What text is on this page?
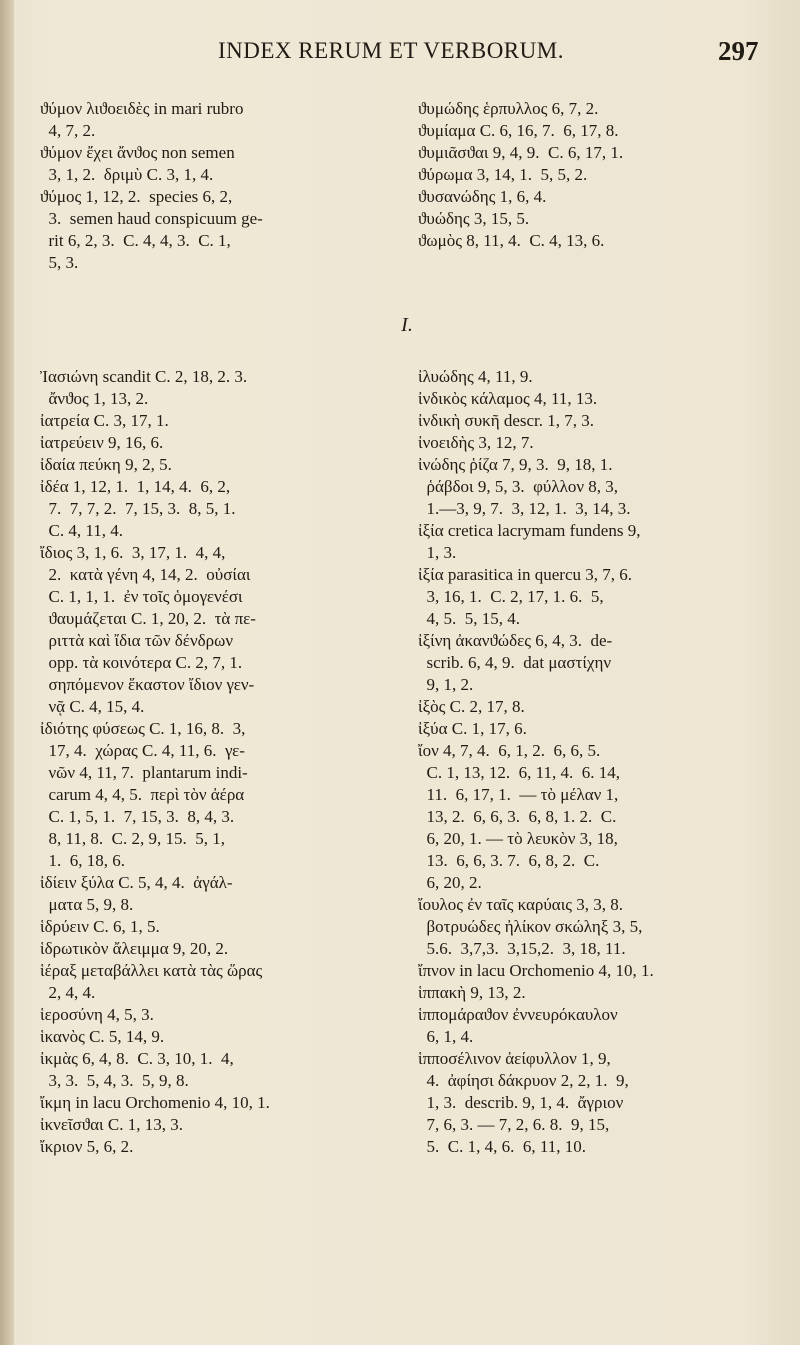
INDEX RERUM ET VERBORUM.	297
ϑύμον λιϑοειδὲς in mari rubro
4, 7, 2.
ϑύμον ἔχει ἄνϑος non semen
3, 1, 2.  δριμὺ C. 3, 1, 4.
ϑύμος 1, 12, 2.  species 6, 2,
3.  semen haud conspicuum ge-
rit 6, 2, 3.  C. 4, 4, 3.  C. 1,
5, 3.
ϑυμώδης ἑρπυλλος 6, 7, 2.
ϑυμίαμα C. 6, 16, 7.  6, 17, 8.
ϑυμιᾶσϑαι 9, 4, 9.  C. 6, 17, 1.
ϑύρωμα 3, 14, 1.  5, 5, 2.
ϑυσανώδης 1, 6, 4.
ϑυώδης 3, 15, 5.
ϑωμὸς 8, 11, 4.  C. 4, 13, 6.
I.
Ἰασιώνη scandit C. 2, 18, 2. 3.
ἄνϑος 1, 13, 2.
ἰατρεία C. 3, 17, 1.
ἰατρεύειν 9, 16, 6.
ἰδαία πεύκη 9, 2, 5.
ἰδέα 1, 12, 1.  1, 14, 4.  6, 2,
7.  7, 7, 2.  7, 15, 3.  8, 5, 1.
C. 4, 11, 4.
ἴδιος 3, 1, 6.  3, 17, 1.  4, 4,
2.  κατὰ γένη 4, 14, 2.  οὐσίαι
C. 1, 1, 1.  ἐν τοῖς ὁμογενέσι
ϑαυμάζεται C. 1, 20, 2.  τὰ πε-
ριττὰ καὶ ἴδια τῶν δένδρων
opp. τὰ κοινότερα C. 2, 7, 1.
σηπόμενον ἕκαστον ἴδιον γεν-
νᾷ C. 4, 15, 4.
ἰδιότης φύσεως C. 1, 16, 8.  3,
17, 4.  χώρας C. 4, 11, 6.  γε-
νῶν 4, 11, 7.  plantarum indi-
carum 4, 4, 5.  περὶ τὸν ἀέρα
C. 1, 5, 1.  7, 15, 3.  8, 4, 3.
8, 11, 8.  C. 2, 9, 15.  5, 1,
1.  6, 18, 6.
ἰδίειν ξύλα C. 5, 4, 4.  ἀγάλ-
ματα 5, 9, 8.
ἱδρύειν C. 6, 1, 5.
ἱδρωτικὸν ἄλειμμα 9, 20, 2.
ἱέραξ μεταβάλλει κατὰ τὰς ὥρας
2, 4, 4.
ἱεροσύνη 4, 5, 3.
ἱκανὸς C. 5, 14, 9.
ἰκμὰς 6, 4, 8.  C. 3, 10, 1.  4,
3, 3.  5, 4, 3.  5, 9, 8.
ἴκμη in lacu Orchomenio 4, 10, 1.
ἰκνεῖσϑαι C. 1, 13, 3.
ἴκριον 5, 6, 2.
ἰλυώδης 4, 11, 9.
ἰνδικὸς κάλαμος 4, 11, 13.
ἰνδικὴ συκῆ descr. 1, 7, 3.
ἰνοειδὴς 3, 12, 7.
ἰνώδης ῥίζα 7, 9, 3.  9, 18, 1.
ῥάβδοι 9, 5, 3.  φύλλον 8, 3,
1.—3, 9, 7.  3, 12, 1.  3, 14, 3.
ἰξία cretica lacrymam fundens 9,
1, 3.
ἰξία parasitica in quercu 3, 7, 6.
3, 16, 1.  C. 2, 17, 1. 6.  5,
4, 5.  5, 15, 4.
ἰξίνη ἀκανϑώδες 6, 4, 3.  de-
scrib. 6, 4, 9.  dat μαστίχην
9, 1, 2.
ἰξὸς C. 2, 17, 8.
ἰξύα C. 1, 17, 6.
ἴον 4, 7, 4.  6, 1, 2.  6, 6, 5.
C. 1, 13, 12.  6, 11, 4.  6. 14,
11.  6, 17, 1.  — τὸ μέλαν 1,
13, 2.  6, 6, 3.  6, 8, 1. 2.  C.
6, 20, 1. — τὸ λευκὸν 3, 18,
13.  6, 6, 3. 7.  6, 8, 2.  C.
6, 20, 2.
ἴουλος ἐν ταῖς καρύαις 3, 3, 8.
βοτρυώδες ἠλίκον σκώληξ 3, 5,
5.6.  3,7,3.  3,15,2.  3, 18, 11.
ἴπνον in lacu Orchomenio 4, 10, 1.
ἱππακὴ 9, 13, 2.
ἱππομάραϑον ἐννευρόκαυλον
6, 1, 4.
ἱπποσέλινον ἀείφυλλον 1, 9,
4.  ἀφίησι δάκρυον 2, 2, 1.  9,
1, 3.  describ. 9, 1, 4.  ἄγριον
7, 6, 3. — 7, 2, 6. 8.  9, 15,
5.  C. 1, 4, 6.  6, 11, 10.
